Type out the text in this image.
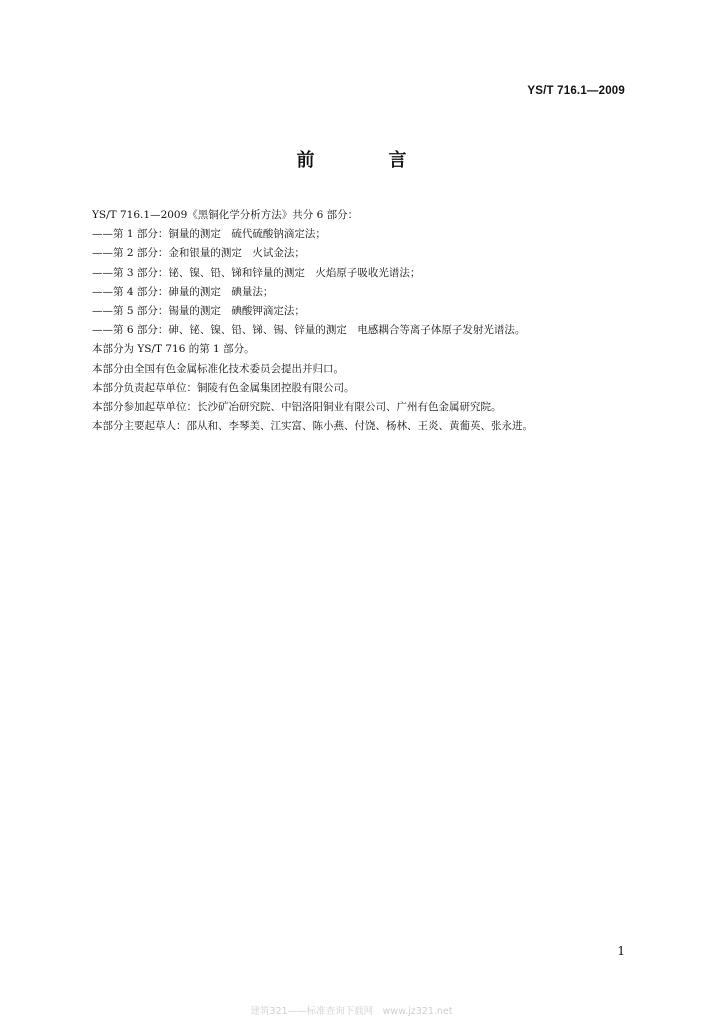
YS/T 716.1—2009
前　言
YS/T 716.1—2009《黑铜化学分析方法》共分 6 部分：
——第 1 部分：铜量的测定　硫代硫酸钠滴定法；
——第 2 部分：金和银量的测定　火试金法；
——第 3 部分：铋、镍、铅、锑和锌量的测定　火焰原子吸收光谱法；
——第 4 部分：砷量的测定　碘量法；
——第 5 部分：锡量的测定　碘酸钾滴定法；
——第 6 部分：砷、铋、镍、铅、锑、锡、锌量的测定　电感耦合等离子体原子发射光谱法。
本部分为 YS/T 716 的第 1 部分。
本部分由全国有色金属标准化技术委员会提出并归口。
本部分负责起草单位：铜陵有色金属集团控股有限公司。
本部分参加起草单位：长沙矿冶研究院、中铝洛阳铜业有限公司、广州有色金属研究院。
本部分主要起草人：邵从和、李琴美、江实富、陈小燕、付饶、杨林、王炎、黄葡英、张永进。
1
建筑321——标准查询下载网　www.jz321.net
